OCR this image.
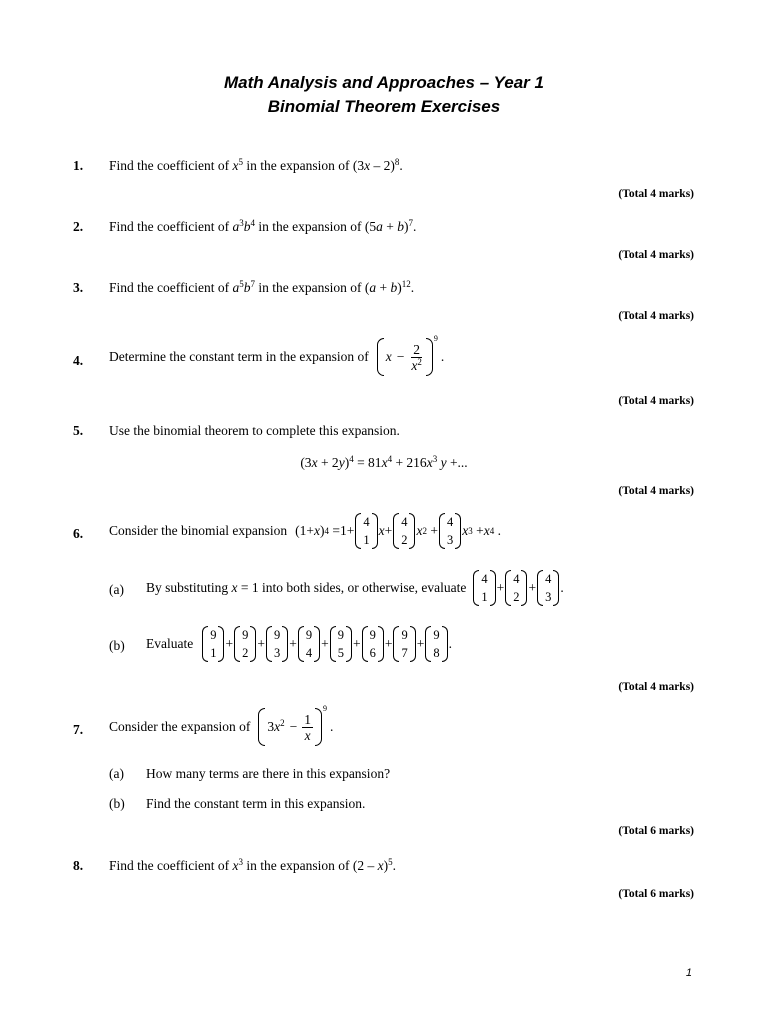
Math Analysis and Approaches – Year 1
Binomial Theorem Exercises
1. Find the coefficient of $x^5$ in the expansion of (3x – 2)$^8$.
(Total 4 marks)
2. Find the coefficient of $a^3b^4$ in the expansion of $(5a + b)^7$.
(Total 4 marks)
3. Find the coefficient of $a^5b^7$ in the expansion of $(a + b)^{12}$.
(Total 4 marks)
4. Determine the constant term in the expansion of $x - \frac{2}{x^2}$
9
.
(Total 4 marks)
5. Use the binomial theorem to complete this expansion.
$(3x + 2y)^4 = 81x^4 + 216x^3$ y +...
(Total 4 marks)
6. Consider the binomial expansion (1+ x ) 4 =1+
4
1
x +
4
2
x 2 +
4
3
x 3 + x 4 .
(a) By substituting
x = 1 into both sides, or otherwise, evaluate
4
1
+
4
2
+
4
3
.
(b) Evaluate
9
1
+
9
2
+
9
3
+
9
4
+
9
5
+
9
6
+
9
7
+
9
8
.
(Total 4 marks)
7. Consider the expansion of $3x^2 - \frac{1}{x}$
9
.
(a) How many terms are there in this expansion?
(b) Find the constant term in this expansion.
(Total 6 marks)
8. Find the coefficient of $x^3$ in the expansion of (2 – x)$^5$.
(Total 6 marks)
1
